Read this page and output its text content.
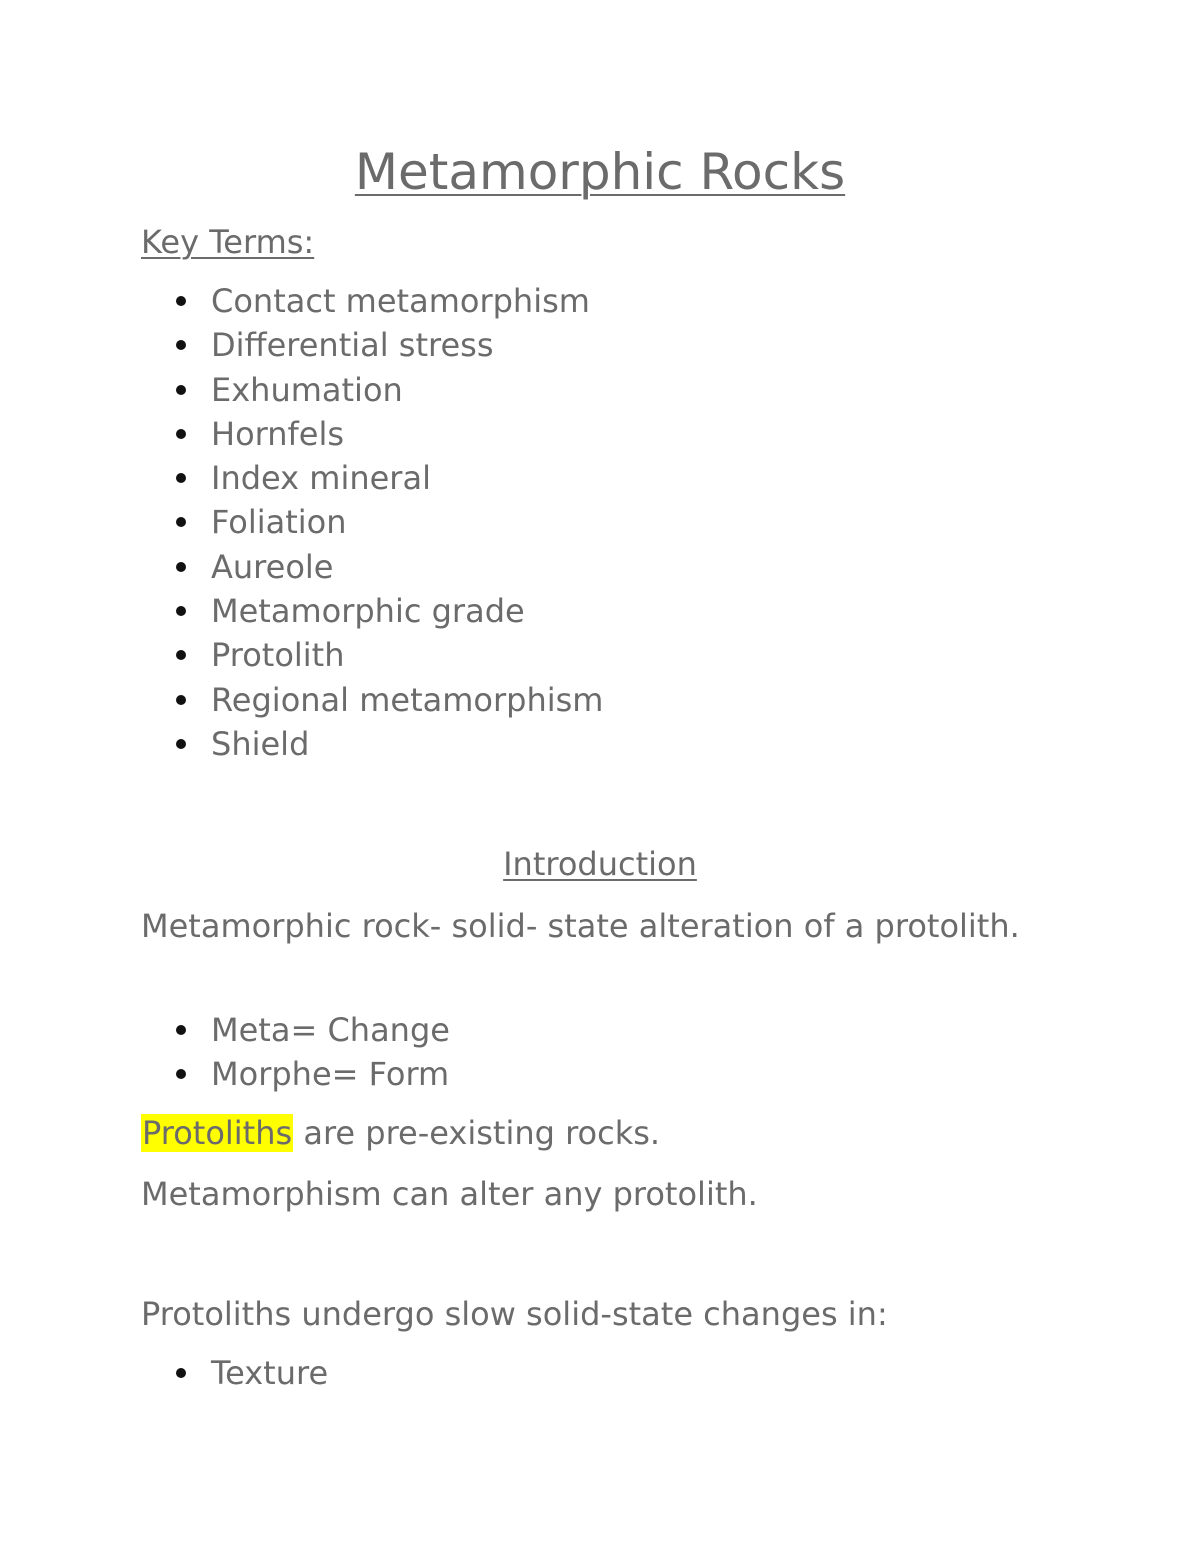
Metamorphic Rocks
Key Terms:
Contact metamorphism
Differential stress
Exhumation
Hornfels
Index mineral
Foliation
Aureole
Metamorphic grade
Protolith
Regional metamorphism
Shield
Introduction

Metamorphic rock- solid- state alteration of a protolith.

Meta= Change
Morphe= Form

Protoliths are pre-existing rocks.

Metamorphism can alter any protolith.

Protoliths undergo slow solid-state changes in:

Texture
